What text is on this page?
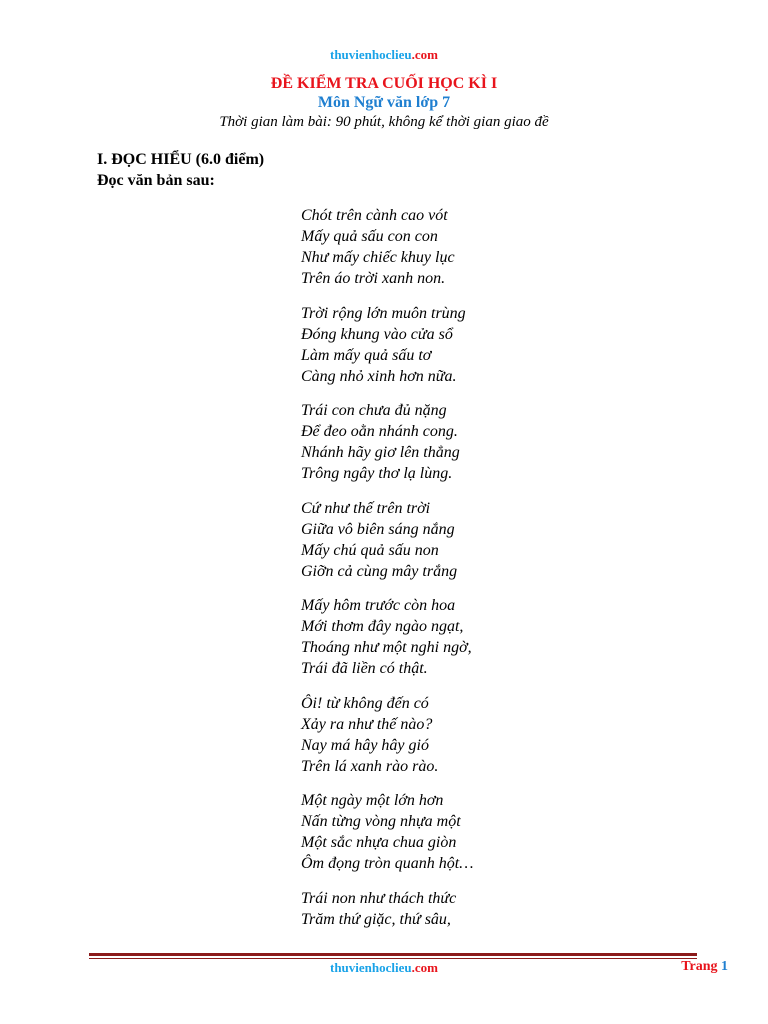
thuvienhoclieu.com
ĐỀ KIỂM TRA CUỐI HỌC KÌ I
Môn Ngữ văn lớp 7
Thời gian làm bài: 90 phút, không kể thời gian giao đề
I. ĐỌC HIỂU (6.0 điểm)
Đọc văn bản sau:
Chót trên cành cao vót
Mấy quả sấu con con
Như mấy chiếc khuy lục
Trên áo trời xanh non.
Trời rộng lớn muôn trùng
Đóng khung vào cửa sổ
Làm mấy quả sấu tơ
Càng nhỏ xinh hơn nữa.
Trái con chưa đủ nặng
Để đeo oằn nhánh cong.
Nhánh hãy giơ lên thẳng
Trông ngây thơ lạ lùng.
Cứ như thế trên trời
Giữa vô biên sáng nắng
Mấy chú quả sấu non
Giỡn cả cùng mây trắng
Mấy hôm trước còn hoa
Mới thơm đây ngào ngạt,
Thoáng như một nghi ngờ,
Trái đã liền có thật.
Ôi! từ không đến có
Xảy ra như thế nào?
Nay má hây hây gió
Trên lá xanh rào rào.
Một ngày một lớn hơn
Nấn từng vòng nhựa một
Một sắc nhựa chua giòn
Ôm đọng tròn quanh hột…
Trái non như thách thức
Trăm thứ giặc, thứ sâu,
thuvienhoclieu.com	Trang 1
